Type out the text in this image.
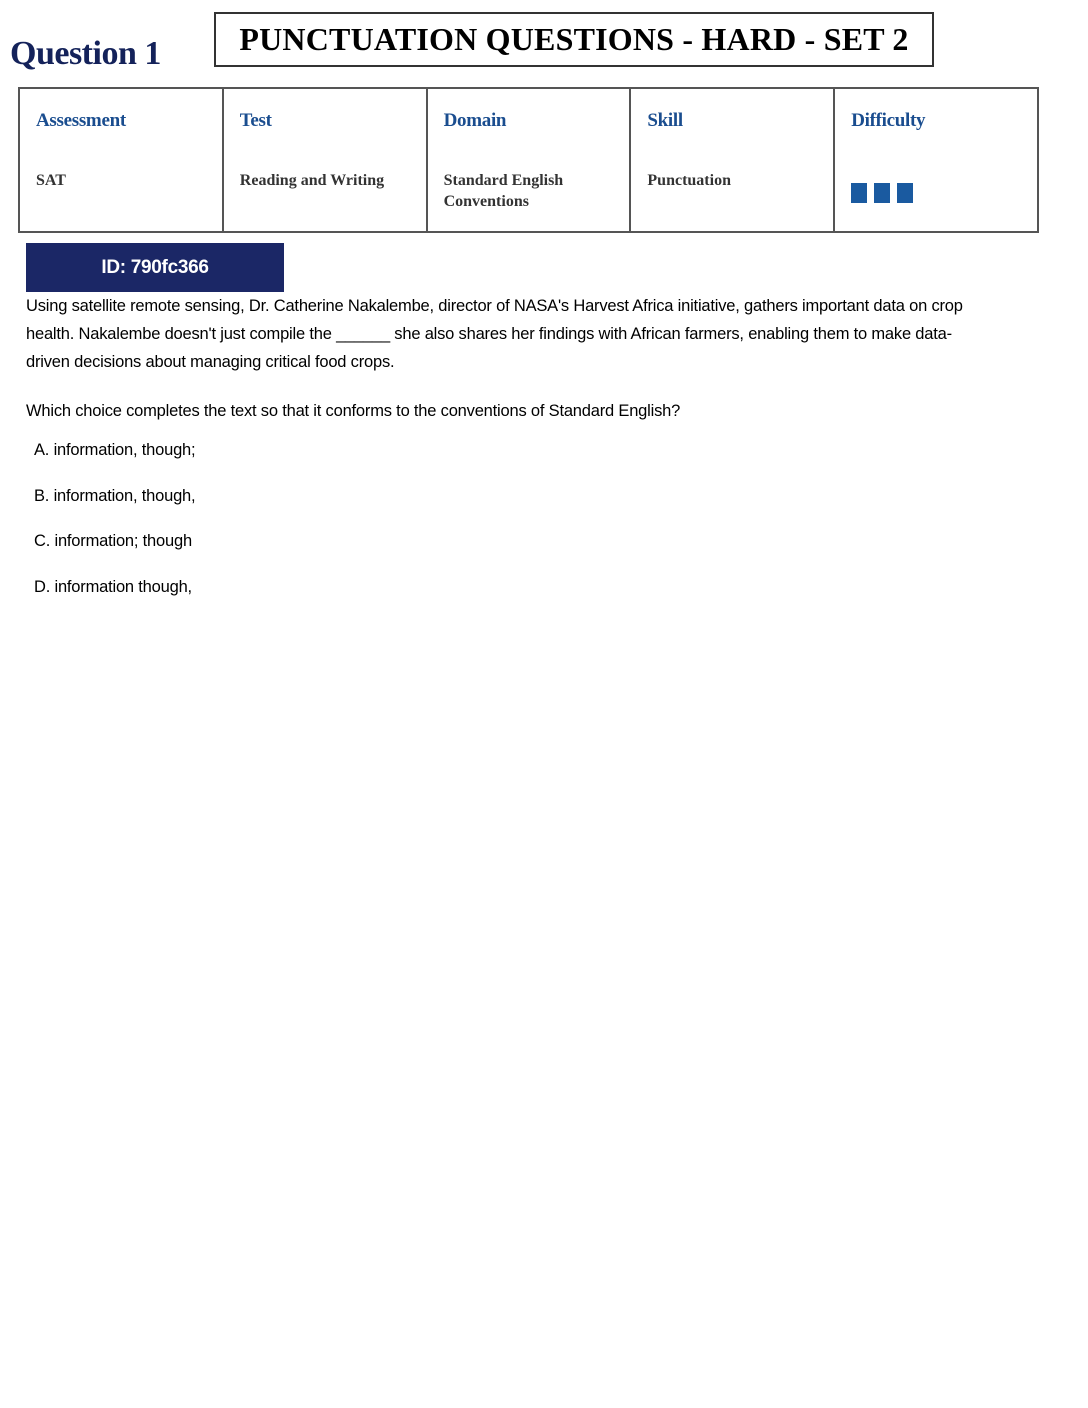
Question 1 PUNCTUATION QUESTIONS - HARD - SET 2
Assessment
SAT
Test
Reading and Writing
Domain
Standard English Conventions
Skill
Punctuation
Difficulty
ID: 790fc366
Using satellite remote sensing, Dr. Catherine Nakalembe, director of NASA's Harvest Africa initiative, gathers important data on crop health. Nakalembe doesn't just compile the ______ she also shares her findings with African farmers, enabling them to make data-driven decisions about managing critical food crops.
Which choice completes the text so that it conforms to the conventions of Standard English?
A. information, though;
B. information, though,
C. information; though
D. information though,
